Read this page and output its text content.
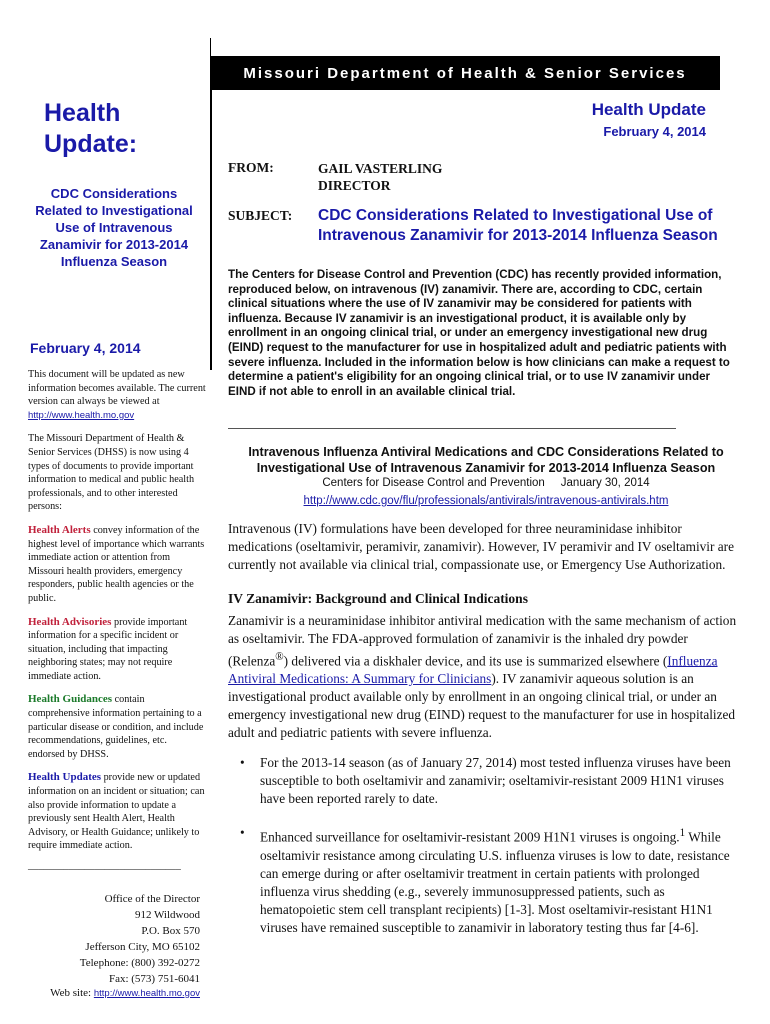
Missouri Department of Health & Senior Services
Health
Update:
CDC Considerations
Related to Investigational
Use of Intravenous
Zanamivir for 2013-2014
Influenza Season
February 4, 2014

This document will be updated as new information becomes available. The current version can always be viewed at http://www.health.mo.gov

The Missouri Department of Health & Senior Services (DHSS) is now using 4 types of documents to provide important information to medical and public health professionals, and to other interested persons:

Health Alerts convey information of the highest level of importance which warrants immediate action or attention from Missouri health providers, emergency responders, public health agencies or the public.

Health Advisories provide important information for a specific incident or situation, including that impacting neighboring states; may not require immediate action.

Health Guidances contain comprehensive information pertaining to a particular disease or condition, and include recommendations, guidelines, etc. endorsed by DHSS.

Health Updates provide new or updated information on an incident or situation; can also provide information to update a previously sent Health Alert, Health Advisory, or Health Guidance; unlikely to require immediate action.

______________________________
Office of the Director
912 Wildwood
P.O. Box 570
Jefferson City, MO 65102
Telephone: (800) 392-0272
Fax: (573) 751-6041
Web site: http://www.health.mo.gov
Health Update
February 4, 2014
FROM:	GAIL VASTERLING
DIRECTOR
SUBJECT: CDC Considerations Related to Investigational Use of Intravenous Zanamivir for 2013-2014 Influenza Season
The Centers for Disease Control and Prevention (CDC) has recently provided information, reproduced below, on intravenous (IV) zanamivir. There are, according to CDC, certain clinical situations where the use of IV zanamivir may be considered for patients with influenza. Because IV zanamivir is an investigational product, it is available only by enrollment in an ongoing clinical trial, or under an emergency investigational new drug (EIND) request to the manufacturer for use in hospitalized adult and pediatric patients with severe influenza. Included in the information below is how clinicians can make a request to determine a patient's eligibility for an ongoing clinical trial, or to use IV zanamivir under EIND if not able to enroll in an available clinical trial.
Intravenous Influenza Antiviral Medications and CDC Considerations Related to Investigational Use of Intravenous Zanamivir for 2013-2014 Influenza Season
Centers for Disease Control and Prevention January 30, 2014
http://www.cdc.gov/flu/professionals/antivirals/intravenous-antivirals.htm

Intravenous (IV) formulations have been developed for three neuraminidase inhibitor medications (oseltamivir, peramivir, zanamivir). However, IV peramivir and IV oseltamivir are currently not available via clinical trial, compassionate use, or Emergency Use Authorization.

IV Zanamivir: Background and Clinical Indications

Zanamivir is a neuraminidase inhibitor antiviral medication with the same mechanism of action as oseltamivir. The FDA-approved formulation of zanamivir is the inhaled dry powder (Relenza®) delivered via a diskhaler device, and its use is summarized elsewhere (Influenza Antiviral Medications: A Summary for Clinicians). IV zanamivir aqueous solution is an investigational product available only by enrollment in an ongoing clinical trial, or under an emergency investigational new drug (EIND) request to the manufacturer for use in hospitalized adult and pediatric patients with severe influenza.

• For the 2013-14 season (as of January 27, 2014) most tested influenza viruses have been susceptible to both oseltamivir and zanamivir; oseltamivir-resistant 2009 H1N1 viruses have been reported rarely to date.
• Enhanced surveillance for oseltamivir-resistant 2009 H1N1 viruses is ongoing.$^1$ While oseltamivir resistance among circulating U.S. influenza viruses is low to date, resistance can emerge during or after oseltamivir treatment in certain patients with prolonged influenza virus shedding (e.g., severely immunosuppressed patients, such as hematopoietic stem cell transplant recipients) [1-3]. Most oseltamivir-resistant H1N1 viruses have remained susceptible to zanamivir in laboratory testing thus far [4-6].
